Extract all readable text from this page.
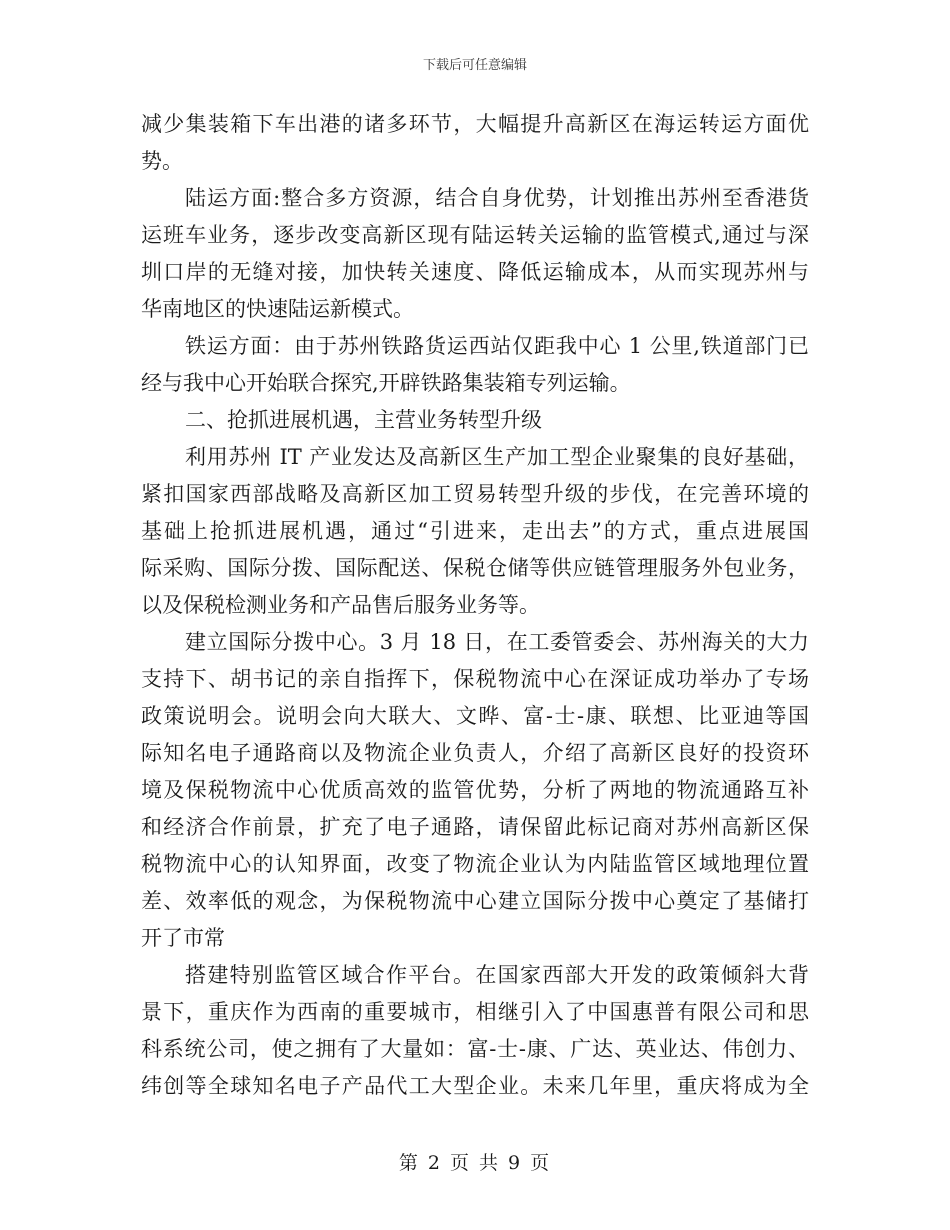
下载后可任意编辑
减少集装箱下车出港的诸多环节，大幅提升高新区在海运转运方面优
势。
陆运方面:整合多方资源，结合自身优势，计划推出苏州至香港货
运班车业务，逐步改变高新区现有陆运转关运输的监管模式,通过与深
圳口岸的无缝对接，加快转关速度、降低运输成本，从而实现苏州与
华南地区的快速陆运新模式。
铁运方面：由于苏州铁路货运西站仅距我中心 1 公里,铁道部门已
经与我中心开始联合探究,开辟铁路集装箱专列运输。
二、抢抓进展机遇，主营业务转型升级
利用苏州 IT 产业发达及高新区生产加工型企业聚集的良好基础，
紧扣国家西部战略及高新区加工贸易转型升级的步伐，在完善环境的
基础上抢抓进展机遇，通过“引进来，走出去”的方式，重点进展国
际采购、国际分拨、国际配送、保税仓储等供应链管理服务外包业务，
以及保税检测业务和产品售后服务业务等。
建立国际分拨中心。3 月 18 日，在工委管委会、苏州海关的大力
支持下、胡书记的亲自指挥下，保税物流中心在深证成功举办了专场
政策说明会。说明会向大联大、文晔、富-士-康、联想、比亚迪等国
际知名电子通路商以及物流企业负责人，介绍了高新区良好的投资环
境及保税物流中心优质高效的监管优势，分析了两地的物流通路互补
和经济合作前景，扩充了电子通路，请保留此标记商对苏州高新区保
税物流中心的认知界面，改变了物流企业认为内陆监管区域地理位置
差、效率低的观念，为保税物流中心建立国际分拨中心奠定了基储打
开了市常
搭建特别监管区域合作平台。在国家西部大开发的政策倾斜大背
景下，重庆作为西南的重要城市，相继引入了中国惠普有限公司和思
科系统公司，使之拥有了大量如：富-士-康、广达、英业达、伟创力、
纬创等全球知名电子产品代工大型企业。未来几年里，重庆将成为全
第 2 页 共 9 页
